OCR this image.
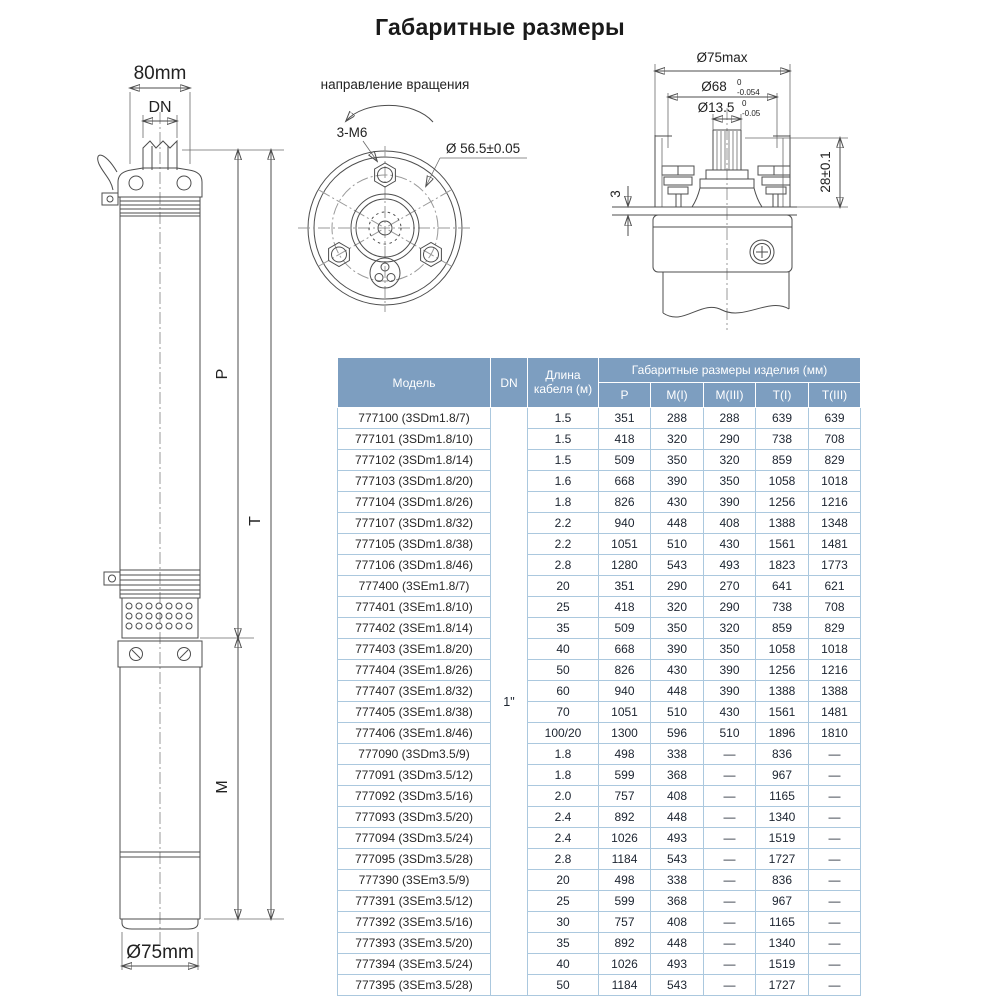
Габаритные размеры
80mm
DN
P
M
T
Ø75mm
направление вращения
3-М6
Ø 56.5±0.05
Ø75max
Ø68 0
-0.054
Ø13.5 0
-0.05
28±0.1
3
Модель	DN	Длина кабеля (м)	Габаритные размеры изделия (мм)				
			P	M(I)	M(III)	T(I)	T(III)
777100 (3SDm1.8/7)	1"	1.5	351	288	288	639	639
777101 (3SDm1.8/10)		1.5	418	320	290	738	708
777102 (3SDm1.8/14)		1.5	509	350	320	859	829
777103 (3SDm1.8/20)		1.6	668	390	350	1058	1018
777104 (3SDm1.8/26)		1.8	826	430	390	1256	1216
777107 (3SDm1.8/32)		2.2	940	448	408	1388	1348
777105 (3SDm1.8/38)		2.2	1051	510	430	1561	1481
777106 (3SDm1.8/46)		2.8	1280	543	493	1823	1773
777400 (3SEm1.8/7)		20	351	290	270	641	621
777401 (3SEm1.8/10)		25	418	320	290	738	708
777402 (3SEm1.8/14)		35	509	350	320	859	829
777403 (3SEm1.8/20)		40	668	390	350	1058	1018
777404 (3SEm1.8/26)		50	826	430	390	1256	1216
777407 (3SEm1.8/32)		60	940	448	390	1388	1388
777405 (3SEm1.8/38)		70	1051	510	430	1561	1481
777406 (3SEm1.8/46)		100/20	1300	596	510	1896	1810
777090 (3SDm3.5/9)		1.8	498	338	—	836	—
777091 (3SDm3.5/12)		1.8	599	368	—	967	—
777092 (3SDm3.5/16)		2.0	757	408	—	1165	—
777093 (3SDm3.5/20)		2.4	892	448	—	1340	—
777094 (3SDm3.5/24)		2.4	1026	493	—	1519	—
777095 (3SDm3.5/28)		2.8	1184	543	—	1727	—
777390 (3SEm3.5/9)		20	498	338	—	836	—
777391 (3SEm3.5/12)		25	599	368	—	967	—
777392 (3SEm3.5/16)		30	757	408	—	1165	—
777393 (3SEm3.5/20)		35	892	448	—	1340	—
777394 (3SEm3.5/24)		40	1026	493	—	1519	—
777395 (3SEm3.5/28)		50	1184	543	—	1727	—
